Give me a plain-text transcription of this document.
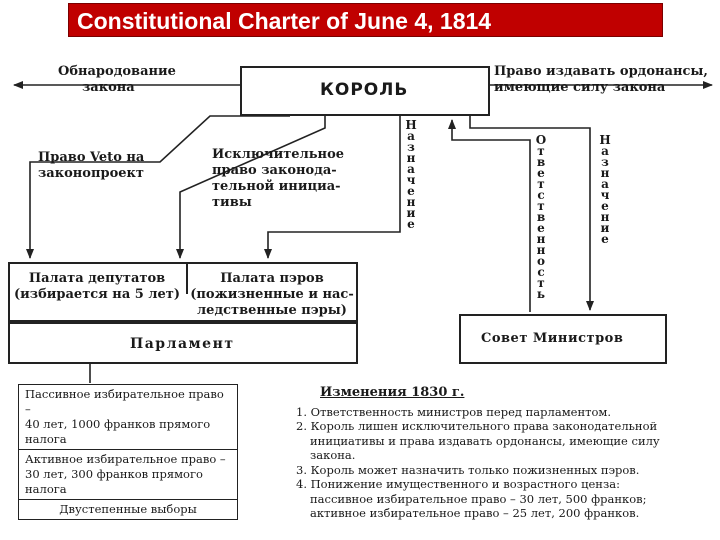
Constitutional Charter of June 4, 1814
КОРОЛЬ
Обнародование
закона
Право издавать ордонансы,
имеющие силу закона
Право Veto на
законопроект
Исключительное
право законода-
тельной инициа-
тивы
Назначение
Ответственность
Назначение
Палата депутатов
(избирается на 5 лет)
Палата пэров
(пожизненные и нас-
ледственные пэры)
Парламент	Совет Министров
Пассивное избирательное право –
40 лет, 1000 франков прямого
налога
Активное избирательное право –
30 лет, 300 франков прямого
налога
Двустепенные выборы
Изменения 1830 г.
1. Ответственность министров перед парламентом.
2. Король лишен исключительного права законодательной
инициативы и права издавать ордонансы, имеющие силу
закона.
3. Король может назначить только пожизненных пэров.
4. Понижение имущественного и возрастного ценза:
пассивное избирательное право – 30 лет, 500 франков;
активное избирательное право – 25 лет, 200 франков.
